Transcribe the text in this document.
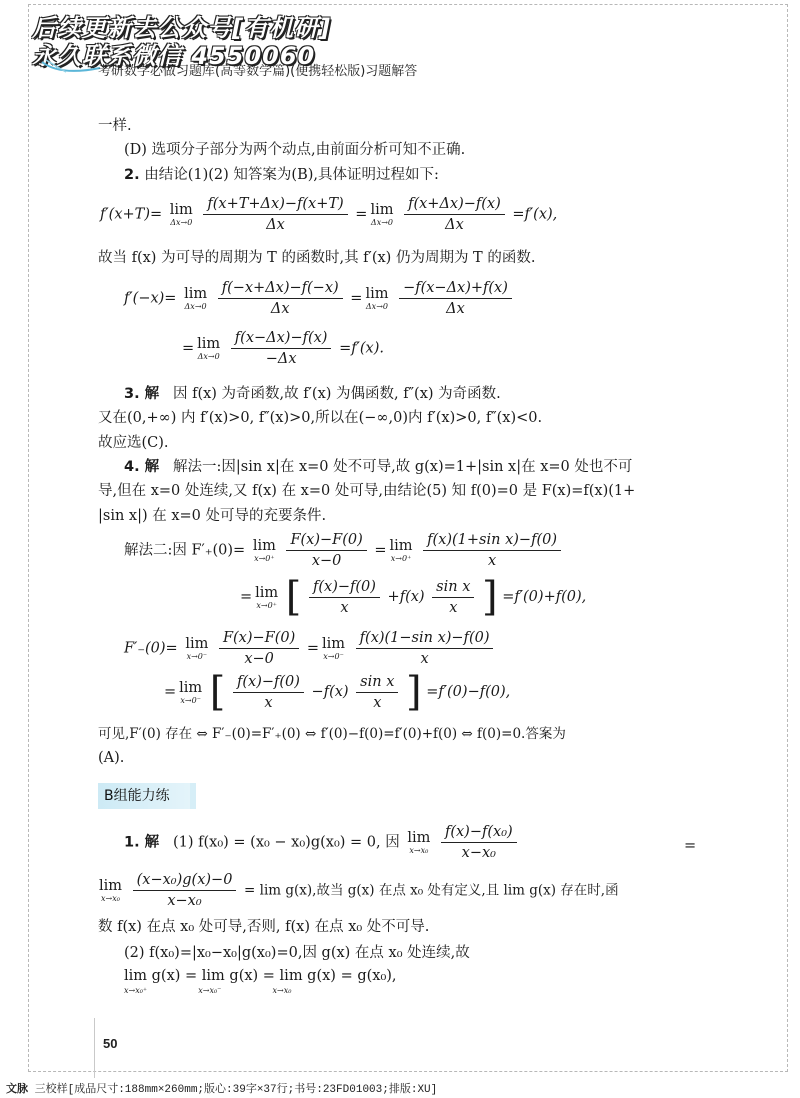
后续更新去公众号[有机研]
永久联系微信 4550060
考研数学必做习题库(高等数学篇)(便携轻松版)习题解答
一样.
(D) 选项分子部分为两个动点,由前面分析可知不正确.
2. 由结论(1)(2) 知答案为(B),具体证明过程如下:
f′(x+T)= lim
Δx→0
$\frac{f(x+T+\Delta x)-f(x+T)}{\Delta x} = \lim$
Δx→0
$\frac{f(x+\Delta x)-f(x)}{\Delta x} =f'(x)$,
故当 f(x) 为可导的周期为 T 的函数时,其 f′(x) 仍为周期为 T 的函数.
f′(−x)= lim
Δx→0
$\frac{f(-x+\Delta x)-f(-x)}{\Delta x} = \lim$
Δx→0
$\frac{-f(x-\Delta x)+f(x)}{\Delta x}$
= lim
Δx→0
$\frac{f(x-\Delta x)-f(x)}{-\Delta x} =f'(x)$.
3. 解 因 f(x) 为奇函数,故 f′(x) 为偶函数, f″(x) 为奇函数.
又在(0,+∞) 内 f′(x)>0, f″(x)>0,所以在(−∞,0)内 f′(x)>0, f″(x)<0.
故应选(C).
4. 解 解法一:因|sin x|在 x=0 处不可导,故 g(x)=1+|sin x|在 x=0 处也不可
导,但在 x=0 处连续,又 f(x) 在 x=0 处可导,由结论(5) 知 f(0)=0 是 F(x)=f(x)(1+
|sin x|) 在 x=0 处可导的充要条件.
解法二:因 F′₊(0)= lim
x→0⁺
$\frac{F(x)-F(0)}{x-0} = \lim$
x→0⁺
$\frac{\text{f(x)(1+sin x)−f(0)}}{x}$
= lim
x→0⁺ [ $\frac{f(x)-f(0)}{x} +f(x) \frac{\text{sin x}}{x}$ ] =f′(0)+f(0),
F′₋(0)= lim
x→0⁻
$\frac{F(x)-F(0)}{x-0} = \lim$
x→0⁻
$\frac{\text{f(x)(1−sin x)−f(0)}}{x}$
= lim
x→0⁻ [ $\frac{f(x)-f(0)}{x} -f(x) \frac{\text{sin x}}{x}$ ] =f′(0)−f(0),
可见,F′(0) 存在 ⇔ F′₋(0)=F′₊(0) ⇔ f′(0)−f(0)=f′(0)+f(0) ⇔ f(0)=0.答案为
(A).
B组能力练
1. 解 (1) f(x₀) = (x₀ − x₀)g(x₀) = 0, 因 lim
x→x₀
$\frac{\text{f(x)−f(x₀)}}{\text{x−x₀}}$	=
lim
x→x₀
$\frac{\text{(x−x₀)g(x)−0}}{\text{x−x₀}} = \lim g(x)$,故当 g(x) 在点 x₀ 处有定义,且 lim g(x) 存在时,函
数 f(x) 在点 x₀ 处可导,否则, f(x) 在点 x₀ 处不可导.
(2) f(x₀)=|x₀−x₀|g(x₀)=0,因 g(x) 在点 x₀ 处连续,故
lim g(x) = lim g(x) = lim g(x) = g(x₀),
x→x₀⁺	x→x₀⁻	x→x₀
50
文脉 三校样[成品尺寸:188mm×260mm;版心:39字×37行;书号:23FD01003;排版:XU]
